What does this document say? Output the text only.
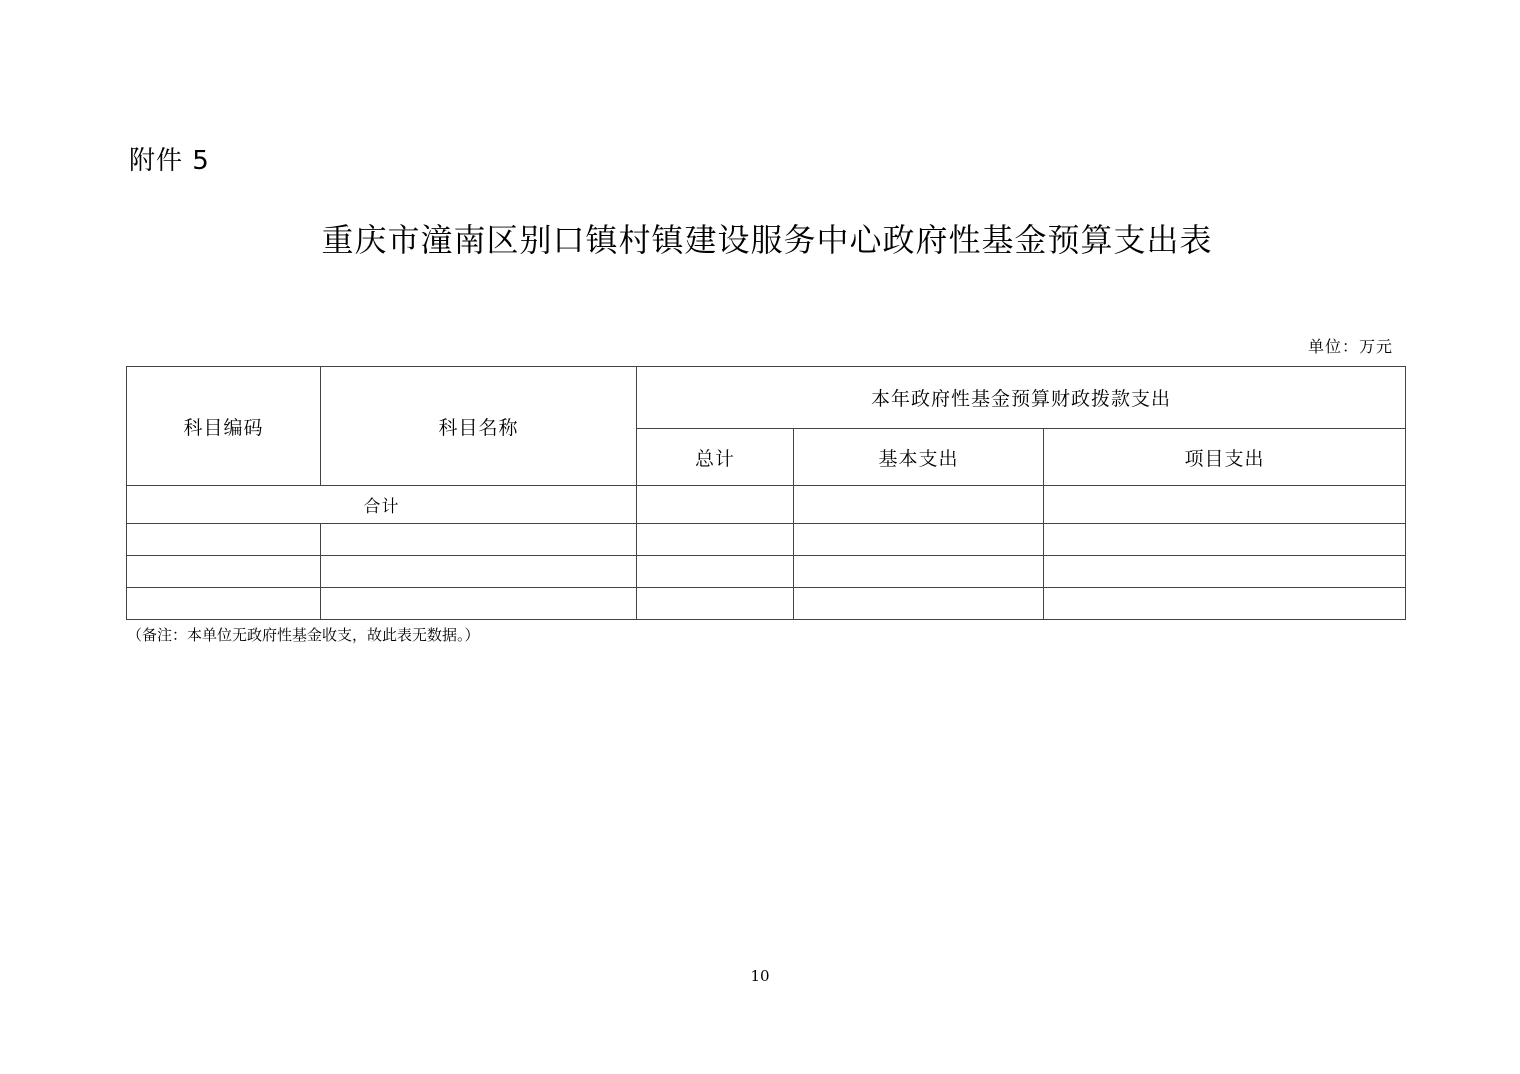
附件 5
重庆市潼南区别口镇村镇建设服务中心政府性基金预算支出表
单位：万元
科目编码	科目名称	本年政府性基金预算财政拨款支出		
		总计	基本支出	项目支出
合计				

（备注：本单位无政府性基金收支，故此表无数据。）
10
